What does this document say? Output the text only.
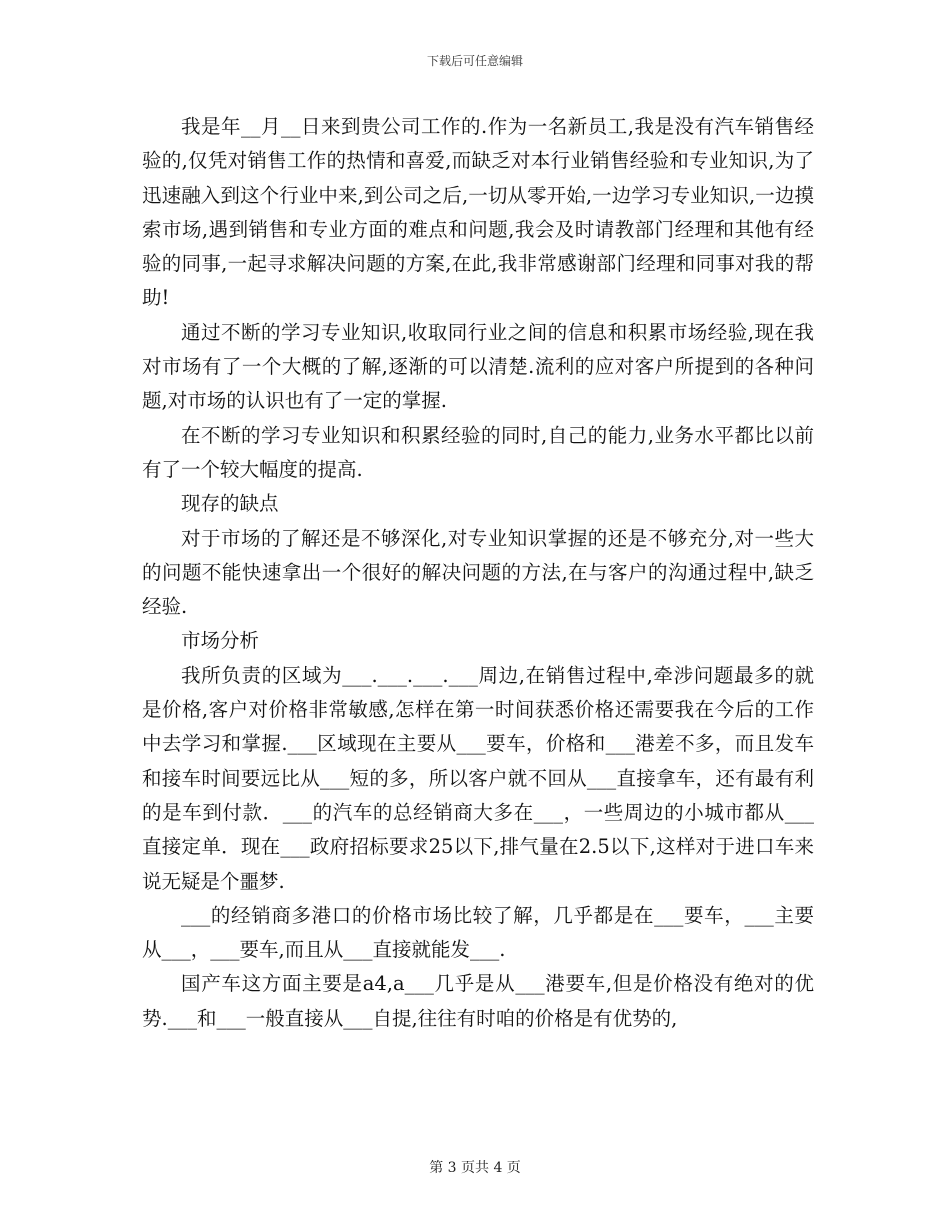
下载后可任意编辑

我是年__月__日来到贵公司工作的.作为一名新员工,我是没有汽车销售经验的,仅凭对销售工作的热情和喜爱,而缺乏对本行业销售经验和专业知识,为了迅速融入到这个行业中来,到公司之后,一切从零开始,一边学习专业知识,一边摸索市场,遇到销售和专业方面的难点和问题,我会及时请教部门经理和其他有经验的同事,一起寻求解决问题的方案,在此,我非常感谢部门经理和同事对我的帮助!

通过不断的学习专业知识,收取同行业之间的信息和积累市场经验,现在我对市场有了一个大概的了解,逐渐的可以清楚.流利的应对客户所提到的各种问题,对市场的认识也有了一定的掌握.

在不断的学习专业知识和积累经验的同时,自己的能力,业务水平都比以前有了一个较大幅度的提高.

现存的缺点

对于市场的了解还是不够深化,对专业知识掌握的还是不够充分,对一些大的问题不能快速拿出一个很好的解决问题的方法,在与客户的沟通过程中,缺乏经验.

市场分析

我所负责的区域为___.___.___.___周边,在销售过程中,牵涉问题最多的就是价格,客户对价格非常敏感,怎样在第一时间获悉价格还需要我在今后的工作中去学习和掌握.___区域现在主要从___要车，价格和___港差不多，而且发车和接车时间要远比从___短的多，所以客户就不回从___直接拿车，还有最有利的是车到付款．___的汽车的总经销商大多在___，一些周边的小城市都从___直接定单．现在___政府招标要求25以下,排气量在2.5以下,这样对于进口车来说无疑是个噩梦.

___的经销商多港口的价格市场比较了解，几乎都是在___要车，___主要从___，___要车,而且从___直接就能发___.

国产车这方面主要是a4,a___几乎是从___港要车,但是价格没有绝对的优势.___和___一般直接从___自提,往往有时咱的价格是有优势的,

第 3 页共 4 页
